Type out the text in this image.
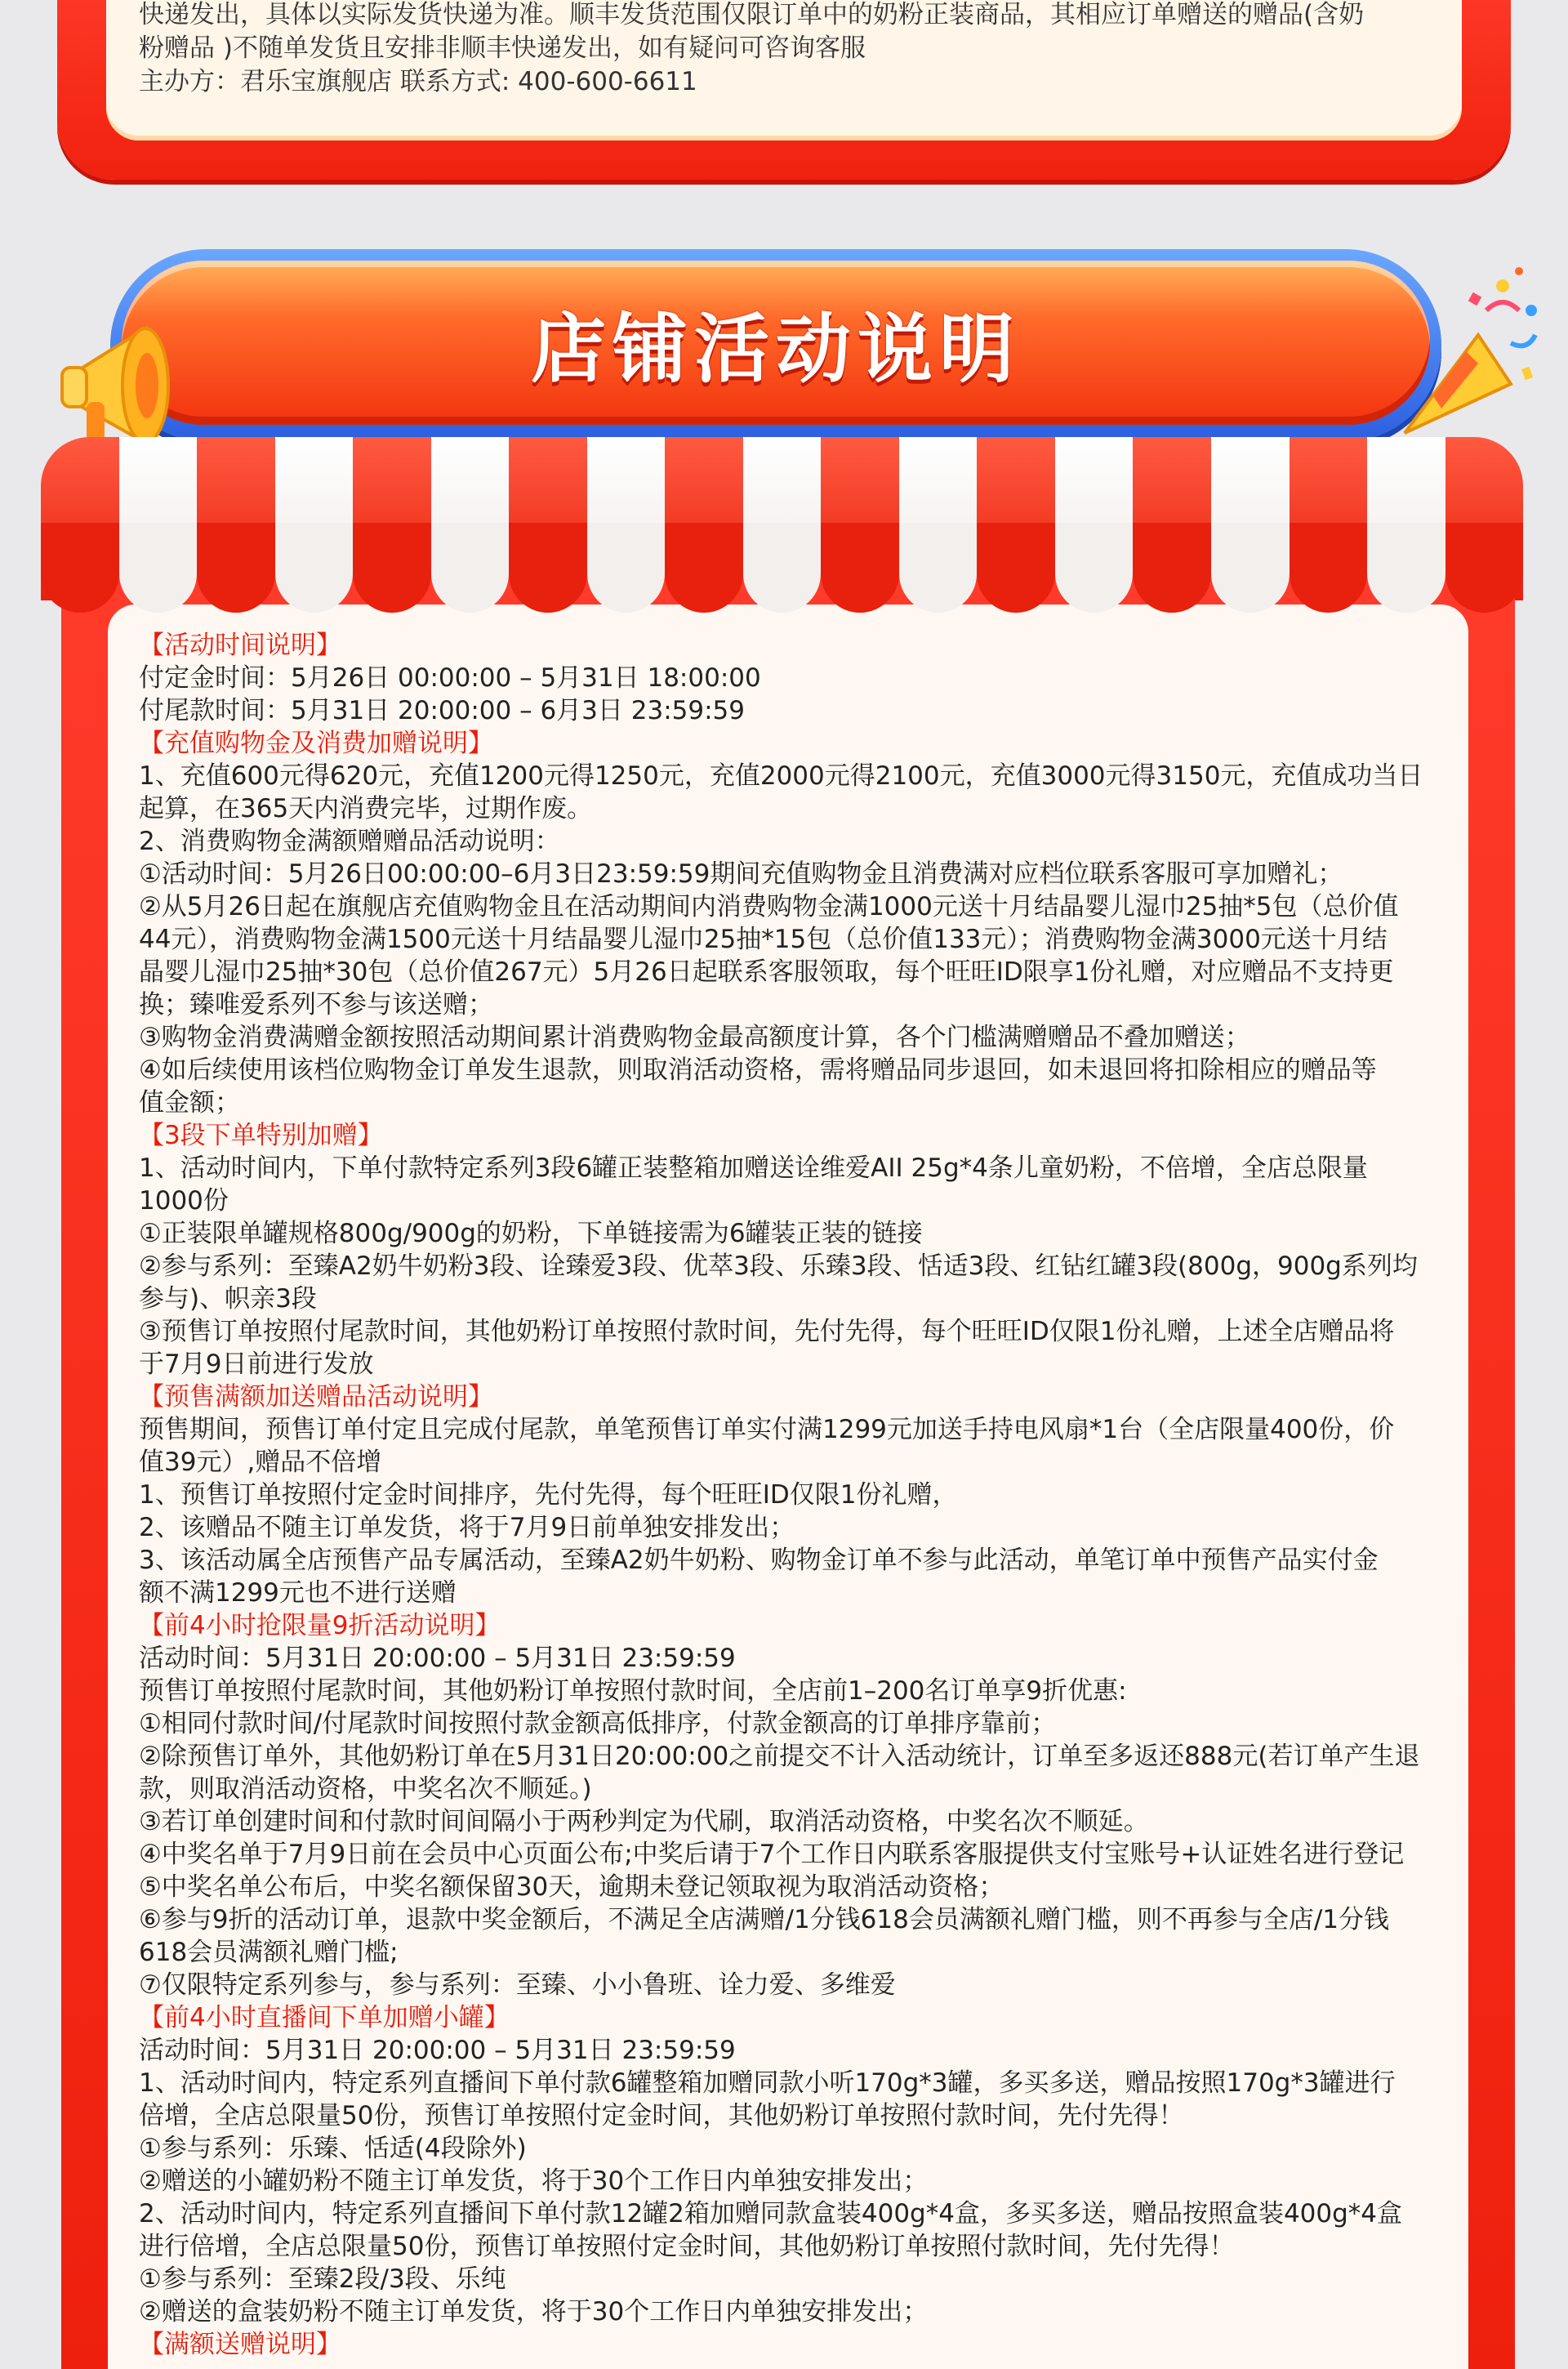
快递发出，具体以实际发货快递为准。顺丰发货范围仅限订单中的奶粉正装商品，其相应订单赠送的赠品(含奶

粉赠品 )不随单发货且安排非顺丰快递发出，如有疑问可咨询客服

主办方：君乐宝旗舰店 联系方式: 400-600-6611

店铺活动说明

【活动时间说明】

付定金时间：5月26日 00:00:00 – 5月31日 18:00:00

付尾款时间：5月31日 20:00:00 – 6月3日 23:59:59

【充值购物金及消费加赠说明】

1、充值600元得620元，充值1200元得1250元，充值2000元得2100元，充值3000元得3150元，充值成功当日

起算，在365天内消费完毕，过期作废。

2、消费购物金满额赠赠品活动说明：

①活动时间：5月26日00:00:00–6月3日23:59:59期间充值购物金且消费满对应档位联系客服可享加赠礼；

②从5月26日起在旗舰店充值购物金且在活动期间内消费购物金满1000元送十月结晶婴儿湿巾25抽*5包（总价值

44元），消费购物金满1500元送十月结晶婴儿湿巾25抽*15包（总价值133元）；消费购物金满3000元送十月结

晶婴儿湿巾25抽*30包（总价值267元）5月26日起联系客服领取，每个旺旺ID限享1份礼赠，对应赠品不支持更

换；臻唯爱系列不参与该送赠；

③购物金消费满赠金额按照活动期间累计消费购物金最高额度计算，各个门槛满赠赠品不叠加赠送；

④如后续使用该档位购物金订单发生退款，则取消活动资格，需将赠品同步退回，如未退回将扣除相应的赠品等

值金额；

【3段下单特别加赠】

1、活动时间内，下单付款特定系列3段6罐正装整箱加赠送诠维爱AII 25g*4条儿童奶粉，不倍增，全店总限量

1000份

①正装限单罐规格800g/900g的奶粉，下单链接需为6罐装正装的链接

②参与系列：至臻A2奶牛奶粉3段、诠臻爱3段、优萃3段、乐臻3段、恬适3段、红钻红罐3段(800g，900g系列均

参与)、帜亲3段

③预售订单按照付尾款时间，其他奶粉订单按照付款时间，先付先得，每个旺旺ID仅限1份礼赠，上述全店赠品将

于7月9日前进行发放

【预售满额加送赠品活动说明】

预售期间，预售订单付定且完成付尾款，单笔预售订单实付满1299元加送手持电风扇*1台（全店限量400份，价

值39元）,赠品不倍增

1、预售订单按照付定金时间排序，先付先得，每个旺旺ID仅限1份礼赠，

2、该赠品不随主订单发货，将于7月9日前单独安排发出；

3、该活动属全店预售产品专属活动，至臻A2奶牛奶粉、购物金订单不参与此活动，单笔订单中预售产品实付金

额不满1299元也不进行送赠

【前4小时抢限量9折活动说明】

活动时间：5月31日 20:00:00 – 5月31日 23:59:59

预售订单按照付尾款时间，其他奶粉订单按照付款时间，全店前1–200名订单享9折优惠:

①相同付款时间/付尾款时间按照付款金额高低排序，付款金额高的订单排序靠前；

②除预售订单外，其他奶粉订单在5月31日20:00:00之前提交不计入活动统计，订单至多返还888元(若订单产生退

款，则取消活动资格，中奖名次不顺延。)

③若订单创建时间和付款时间间隔小于两秒判定为代刷，取消活动资格，中奖名次不顺延。

④中奖名单于7月9日前在会员中心页面公布;中奖后请于7个工作日内联系客服提供支付宝账号+认证姓名进行登记

⑤中奖名单公布后，中奖名额保留30天，逾期未登记领取视为取消活动资格；

⑥参与9折的活动订单，退款中奖金额后，不满足全店满赠/1分钱618会员满额礼赠门槛，则不再参与全店/1分钱

618会员满额礼赠门槛;

⑦仅限特定系列参与，参与系列：至臻、小小鲁班、诠力爱、多维爱

【前4小时直播间下单加赠小罐】

活动时间：5月31日 20:00:00 – 5月31日 23:59:59

1、活动时间内，特定系列直播间下单付款6罐整箱加赠同款小听170g*3罐，多买多送，赠品按照170g*3罐进行

倍增，全店总限量50份，预售订单按照付定金时间，其他奶粉订单按照付款时间，先付先得！

①参与系列：乐臻、恬适(4段除外)

②赠送的小罐奶粉不随主订单发货，将于30个工作日内单独安排发出；

2、活动时间内，特定系列直播间下单付款12罐2箱加赠同款盒装400g*4盒，多买多送，赠品按照盒装400g*4盒

进行倍增，全店总限量50份，预售订单按照付定金时间，其他奶粉订单按照付款时间，先付先得！

①参与系列：至臻2段/3段、乐纯

②赠送的盒装奶粉不随主订单发货，将于30个工作日内单独安排发出；

【满额送赠说明】
